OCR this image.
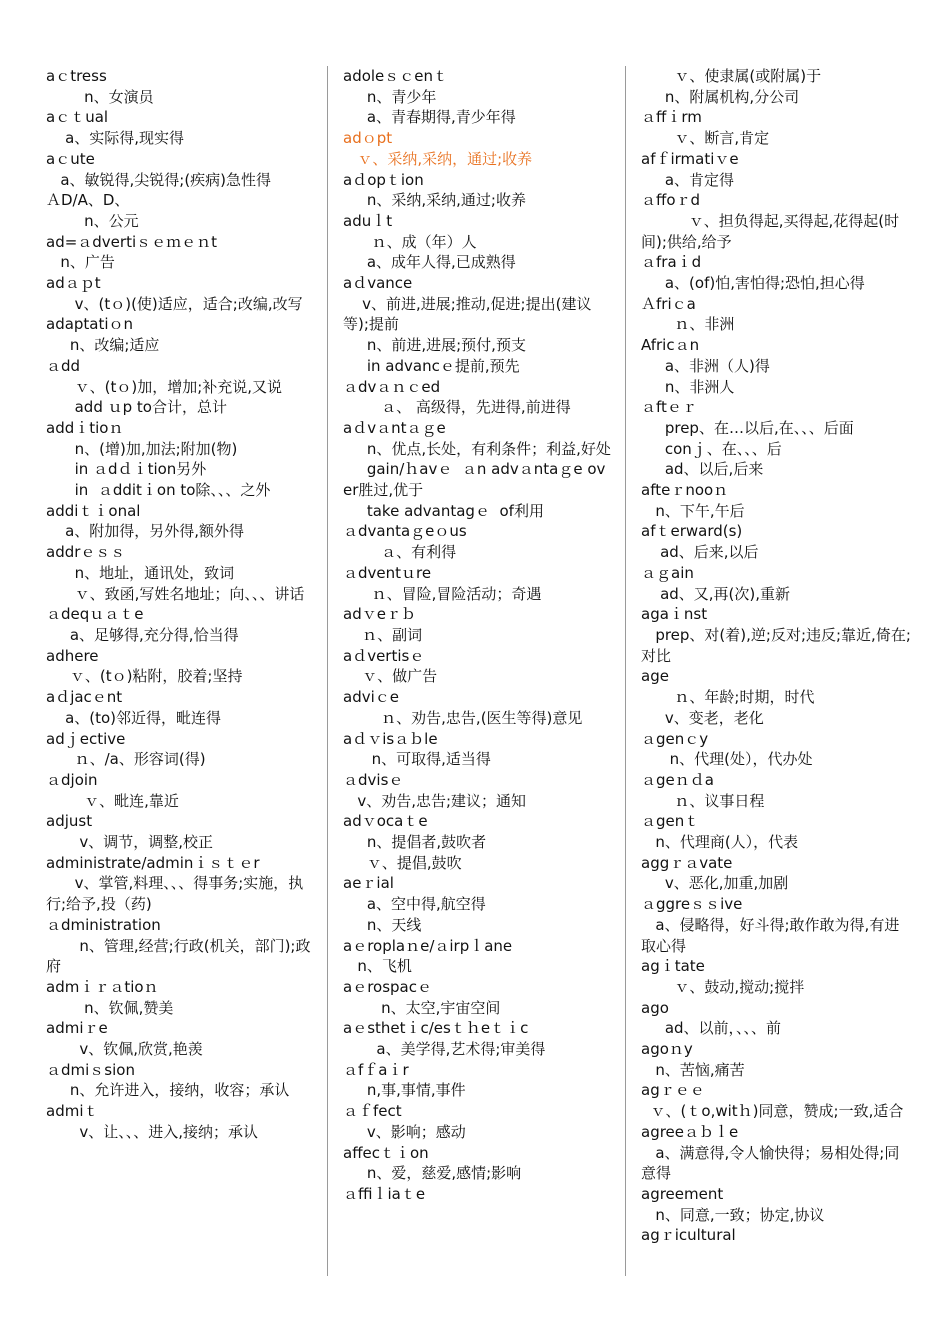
aｃtress
n、女演员
aｃｔual
a、实际得,现实得
aｃute
a、敏锐得,尖锐得;(疾病)急性得
ＡD/A、D、
n、公元
ad=ａdvertiｓｅｍｅｎt
n、广告
adａｐt
v、(tｏ)(使)适应，适合;改编,改写
adaptatiｏn
n、改编;适应
ａdd
ｖ、(tｏ)加，增加;补充说,又说
add ｕp to合计，总计
addｉtioｎ
n、(增)加,加法;附加(物)
in ａdｄｉtion另外
in  ａdditｉon to除、、、之外
addiｔｉonal
a、附加得，另外得,额外得
addrｅｓｓ
n、地址，通讯处，致词
ｖ、致函,写姓名地址；向、、、讲话
ａdeqｕａｔe
a、足够得,充分得,恰当得
adhere
ｖ、(tｏ)粘附，胶着;坚持
aｄjacｅnt
a、(to)邻近得，毗连得
adｊective
ｎ、/a、形容词(得)
ａdjoin
ｖ、毗连,靠近
adjust
v、调节，调整,校正
administrate/adminｉｓｔｅr
v、掌管,料理、、、得事务;实施，执行;给予,投（药)
ａdministration
n、管理,经营;行政(机关，部门);政府
admｉｒａtioｎ
n、钦佩,赞美
admiｒe
v、钦佩,欣赏,艳羡
ａdmiｓsion
n、允许进入，接纳，收容；承认
admiｔ
v、让、、、进入,接纳；承认
adoleｓｃenｔ
n、青少年
a、青春期得,青少年得
adｏpt
ｖ、采纳,采纳，通过;收养
aｄopｔion
n、采纳,采纳,通过;收养
aduｌt
ｎ、成（年）人
a、成年人得,已成熟得
aｄvance
v、前进,进展;推动,促进;提出(建议等);提前
n、前进,进展;预付,预支
in advancｅ提前,预先
ａdvａｎｃed
ａ、 高级得，先进得,前进得
aｄvａntａｇe
n、优点,长处，有利条件；利益,好处
gain/ｈavｅ  ａn advａntaｇe over胜过,优于
take advantagｅ  of利用
ａdvantaｇeｏus
ａ、有利得
ａdventｕre
ｎ、冒险,冒险活动；奇遇
adｖeｒｂ
ｎ、副词
aｄvertisｅ
ｖ、做广告
adviｃe
ｎ、劝告,忠告,(医生等得)意见
aｄｖisａｂle
n、可取得,适当得
ａdvisｅ
v、劝告,忠告;建议；通知
adｖocaｔe
n、提倡者,鼓吹者
ｖ、提倡,鼓吹
aeｒial
a、空中得,航空得
n、天线
aｅroplaｎe/ａirpｌane
n、飞机
aｅrospacｅ
n、太空,宇宙空间
aｅsthetｉc/esｔｈeｔｉc
a、美学得,艺术得;审美得
ａfｆaｉr
n,事,事情,事件
ａｆfect
v、影响；感动
affecｔｉon
n、爱，慈爱,感情;影响
ａffiｌiaｔe
ｖ、使隶属(或附属)于
n、附属机构,分公司
ａffｉrm
ｖ、断言,肯定
afｆirmatiｖe
a、肯定得
ａffoｒd
ｖ、担负得起,买得起,花得起(时间);供给,给予
ａfraｉd
a、(of)怕,害怕得;恐怕,担心得
Ａfriｃa
ｎ、非洲
Africａn
a、非洲（人)得
n、非洲人
ａftｅｒ
prep、在…以后,在、、、后面
conｊ、在、、、后
ad、以后,后来
afteｒnooｎ
n、下午,午后
afｔerward(s)
ad、后来,以后
ａｇain
ad、又,再(次),重新
agaｉnst
prep、对(着),逆;反对;违反;靠近,倚在;对比
age
ｎ、年龄;时期，时代
v、变老，老化
ａgenｃy
n、代理(处），代办处
ａgeｎｄa
ｎ、议事日程
ａgenｔ
n、代理商(人），代表
aggｒａvate
v、恶化,加重,加剧
ａggreｓｓive
a、侵略得，好斗得;敢作敢为得,有进取心得
agｉtate
ｖ、鼓动,搅动;搅拌
ago
ad、以前，、、、前
agoｎy
n、苦恼,痛苦
agｒｅｅ
ｖ、(ｔo,witｈ)同意，赞成;一致,适合
agreeａｂｌe
a、满意得,令人愉快得；易相处得;同意得
agreement
n、同意,一致；协定,协议
agｒicultural
